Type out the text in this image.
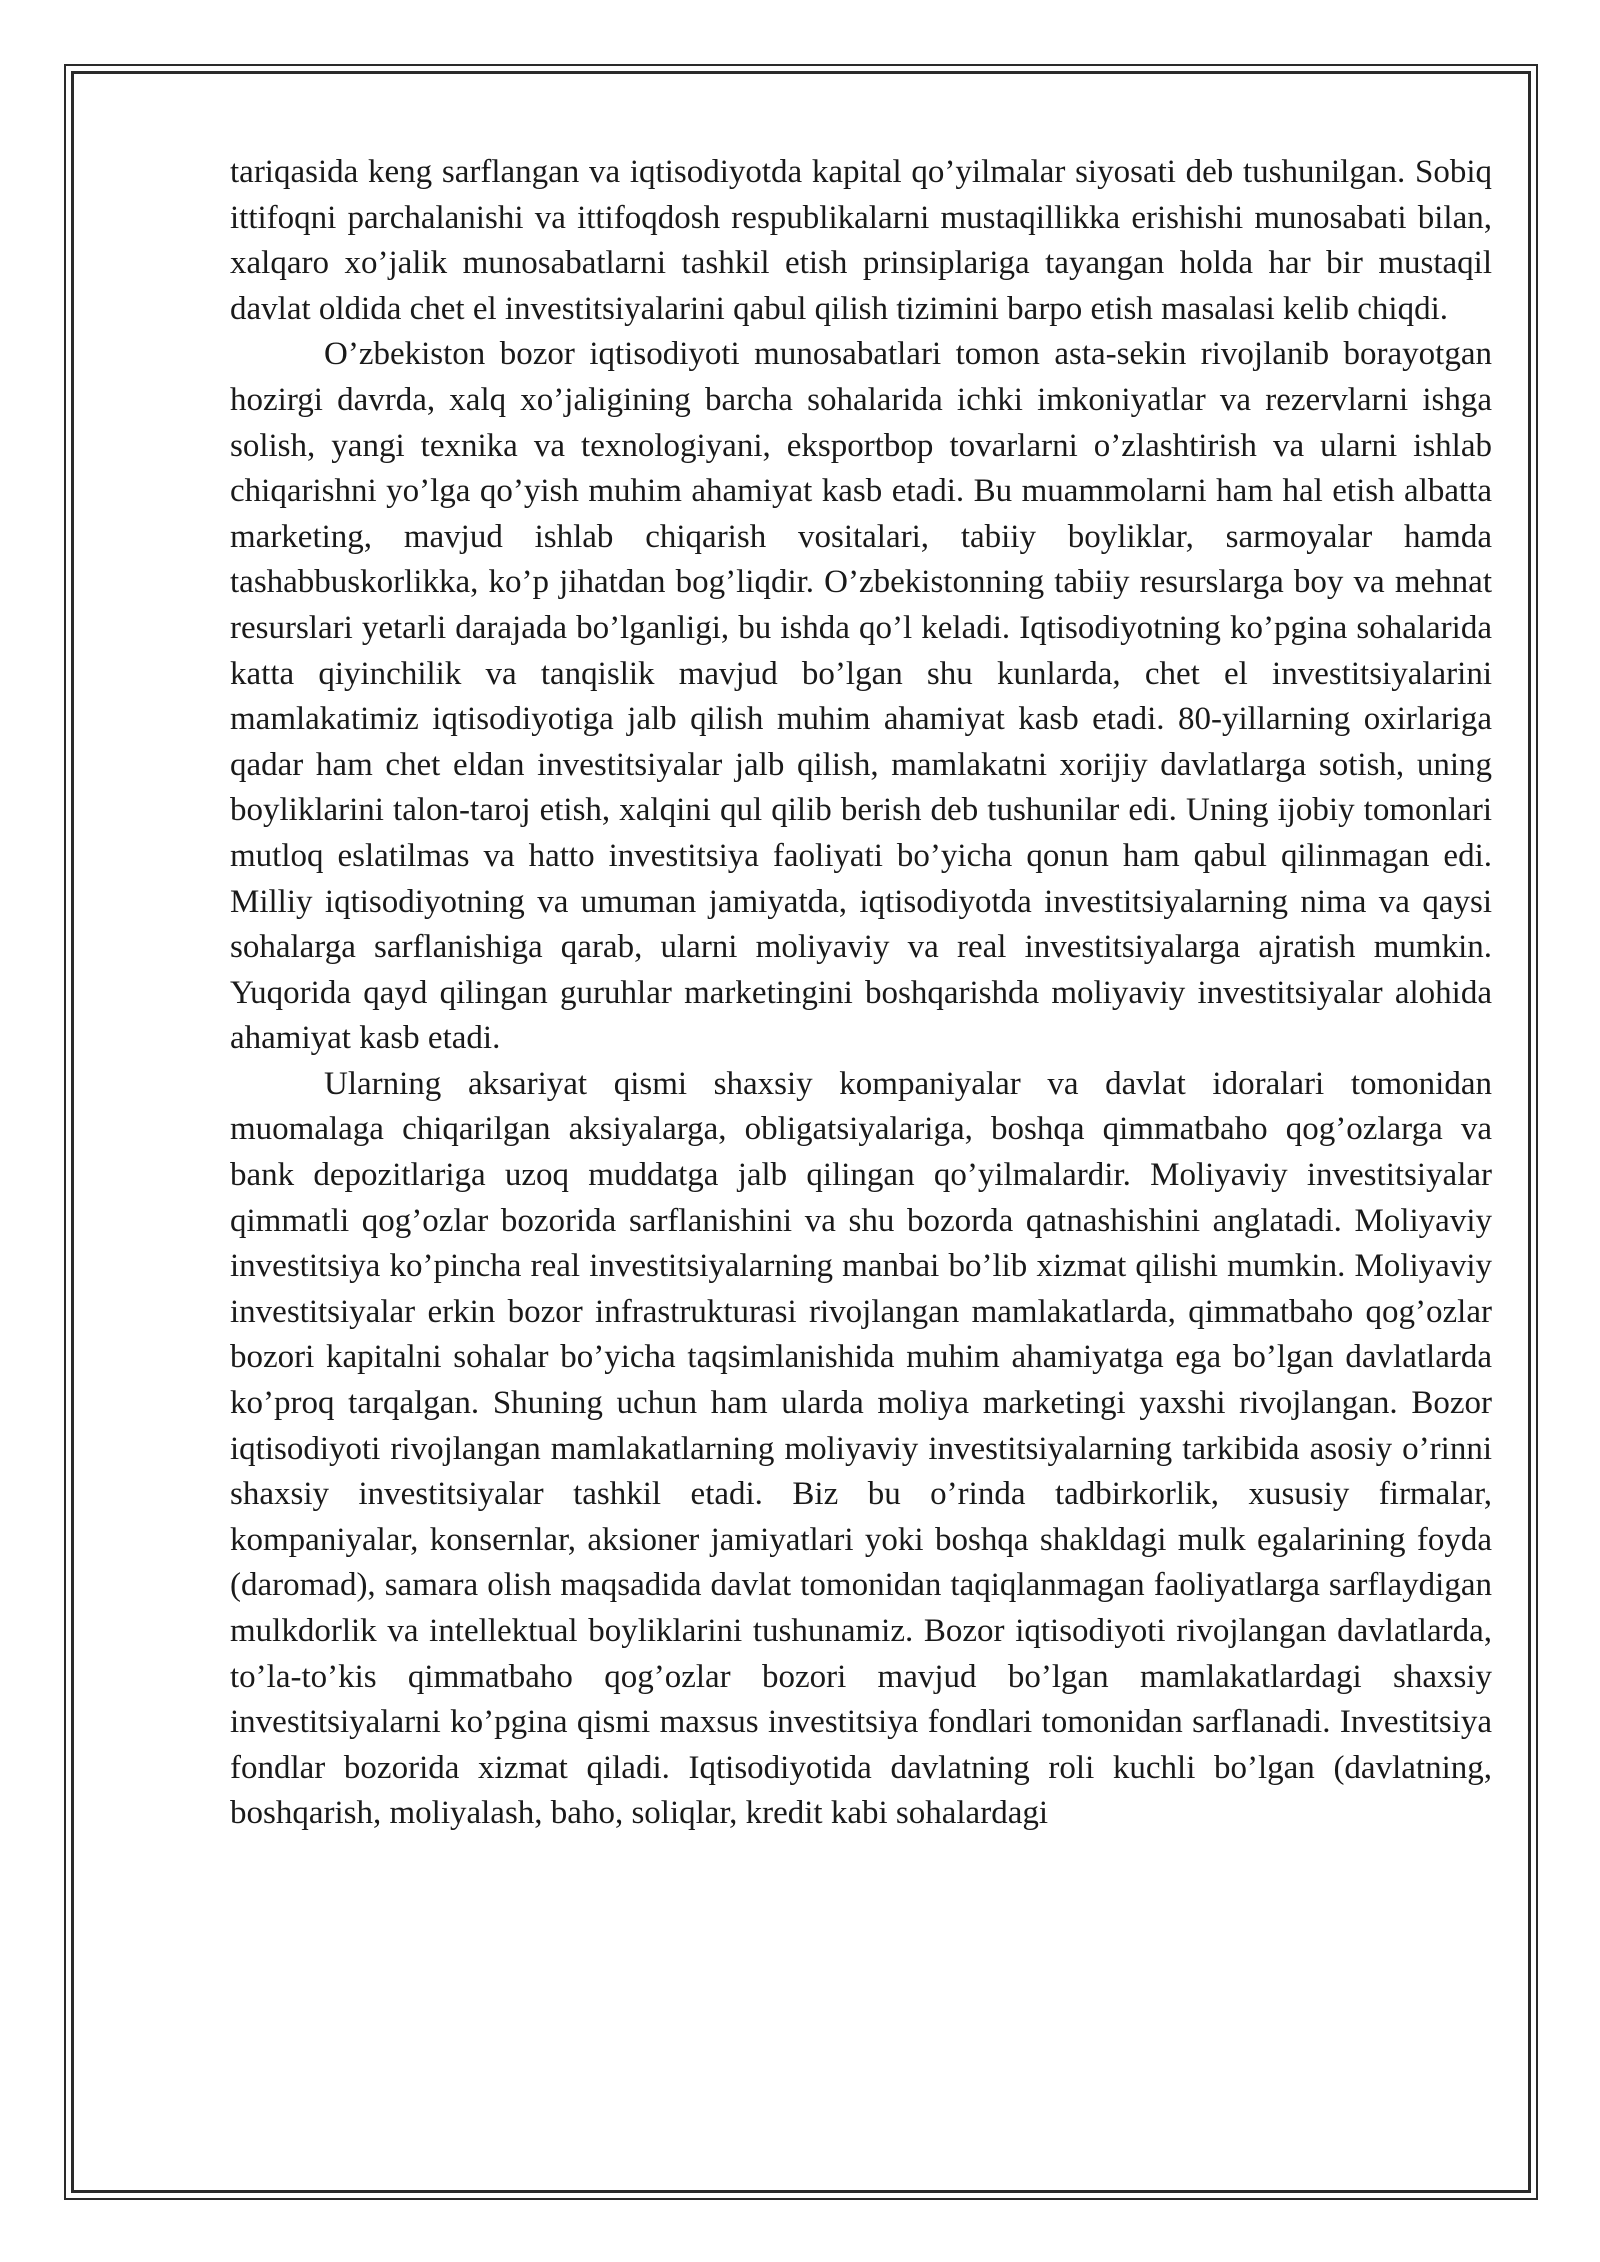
tariqasida keng sarflangan va iqtisodiyotda kapital qo’yilmalar siyosati deb tushunilgan. Sobiq ittifoqni parchalanishi va ittifoqdosh respublikalarni mustaqillikka erishishi munosabati bilan, xalqaro xo’jalik munosabatlarni tashkil etish prinsiplariga tayangan holda har bir mustaqil davlat oldida chet el investitsiyalarini qabul qilish tizimini barpo etish masalasi kelib chiqdi.

O’zbekiston bozor iqtisodiyoti munosabatlari tomon asta-sekin rivojlanib borayotgan hozirgi davrda, xalq xo’jaligining barcha sohalarida ichki imkoniyatlar va rezervlarni ishga solish, yangi texnika va texnologiyani, eksportbop tovarlarni o’zlashtirish va ularni ishlab chiqarishni yo’lga qo’yish muhim ahamiyat kasb etadi. Bu muammolarni ham hal etish albatta marketing, mavjud ishlab chiqarish vositalari, tabiiy boyliklar, sarmoyalar hamda tashabbuskorlikka, ko’p jihatdan bog’liqdir. O’zbekistonning tabiiy resurslarga boy va mehnat resurslari yetarli darajada bo’lganligi, bu ishda qo’l keladi. Iqtisodiyotning ko’pgina sohalarida katta qiyinchilik va tanqislik mavjud bo’lgan shu kunlarda, chet el investitsiyalarini mamlakatimiz iqtisodiyotiga jalb qilish muhim ahamiyat kasb etadi. 80-yillarning oxirlariga qadar ham chet eldan investitsiyalar jalb qilish, mamlakatni xorijiy davlatlarga sotish, uning boyliklarini talon-taroj etish, xalqini qul qilib berish deb tushunilar edi. Uning ijobiy tomonlari mutloq eslatilmas va hatto investitsiya faoliyati bo’yicha qonun ham qabul qilinmagan edi. Milliy iqtisodiyotning va umuman jamiyatda, iqtisodiyotda investitsiyalarning nima va qaysi sohalarga sarflanishiga qarab, ularni moliyaviy va real investitsiyalarga ajratish mumkin. Yuqorida qayd qilingan guruhlar marketingini boshqarishda moliyaviy investitsiyalar alohida ahamiyat kasb etadi.

Ularning aksariyat qismi shaxsiy kompaniyalar va davlat idoralari tomonidan muomalaga chiqarilgan aksiyalarga, obligatsiyalariga, boshqa qimmatbaho qog’ozlarga va bank depozitlariga uzoq muddatga jalb qilingan qo’yilmalardir. Moliyaviy investitsiyalar qimmatli qog’ozlar bozorida sarflanishini va shu bozorda qatnashishini anglatadi. Moliyaviy investitsiya ko’pincha real investitsiyalarning manbai bo’lib xizmat qilishi mumkin. Moliyaviy investitsiyalar erkin bozor infrastrukturasi rivojlangan mamlakatlarda, qimmatbaho qog’ozlar bozori kapitalni sohalar bo’yicha taqsimlanishida muhim ahamiyatga ega bo’lgan davlatlarda ko’proq tarqalgan. Shuning uchun ham ularda moliya marketingi yaxshi rivojlangan. Bozor iqtisodiyoti rivojlangan mamlakatlarning moliyaviy investitsiyalarning tarkibida asosiy o’rinni shaxsiy investitsiyalar tashkil etadi. Biz bu o’rinda tadbirkorlik, xususiy firmalar, kompaniyalar, konsernlar, aksioner jamiyatlari yoki boshqa shakldagi mulk egalarining foyda (daromad), samara olish maqsadida davlat tomonidan taqiqlanmagan faoliyatlarga sarflaydigan mulkdorlik va intellektual boyliklarini tushunamiz. Bozor iqtisodiyoti rivojlangan davlatlarda, to’la-to’kis qimmatbaho qog’ozlar bozori mavjud bo’lgan mamlakatlardagi shaxsiy investitsiyalarni ko’pgina qismi maxsus investitsiya fondlari tomonidan sarflanadi. Investitsiya fondlar bozorida xizmat qiladi. Iqtisodiyotida davlatning roli kuchli bo’lgan (davlatning, boshqarish, moliyalash, baho, soliqlar, kredit kabi sohalardagi
